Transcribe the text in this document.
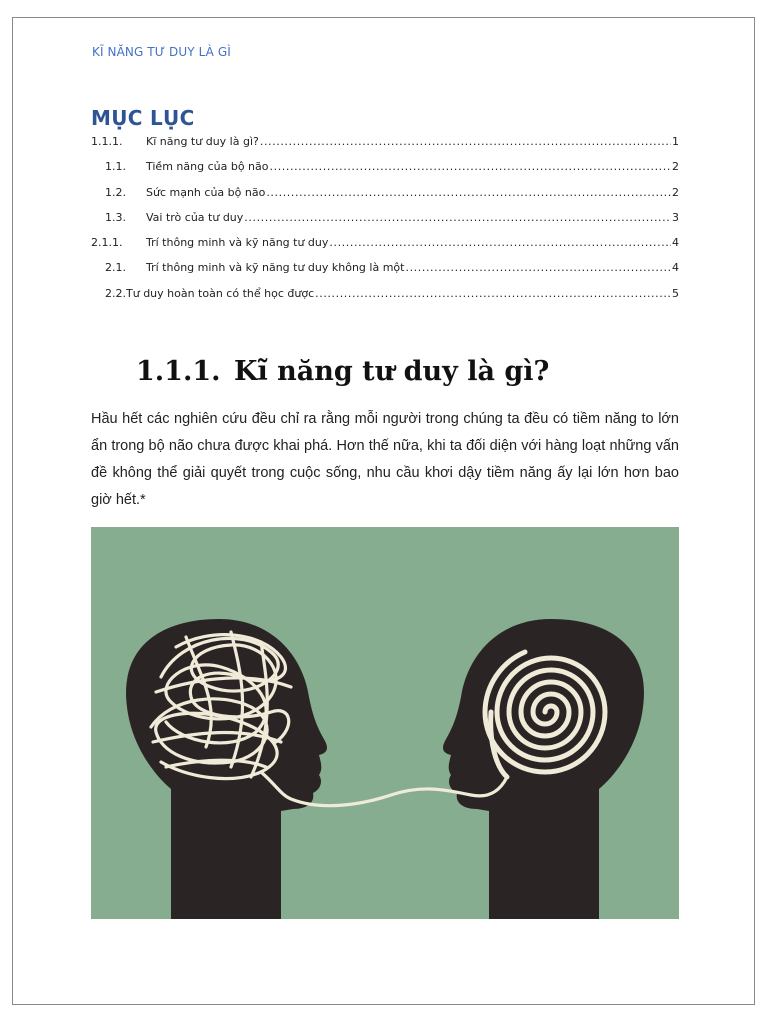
KĨ NĂNG TƯ DUY LÀ GÌ
MỤC LỤC
1.1.1.	Kĩ năng tư duy là gì? .....	1
1.1.	Tiềm năng của bộ não .....	2
1.2.	Sức mạnh của bộ não .....	2
1.3.	Vai trò của tư duy .....	3
2.1.1.	Trí thông minh và kỹ năng tư duy .....	4
2.1.	Trí thông minh và kỹ năng tư duy không là một .....	4
2.2. Tư duy hoàn toàn có thể học được .....	5
1.1.1. Kĩ năng tư duy là gì?
Hầu hết các nghiên cứu đều chỉ ra rằng mỗi người trong chúng ta đều có tiềm năng to lớn ẩn trong bộ não chưa được khai phá. Hơn thế nữa, khi ta đối diện với hàng loạt những vấn đề không thể giải quyết trong cuộc sống, nhu cầu khơi dậy tiềm năng ấy lại lớn hơn bao giờ hết.*
